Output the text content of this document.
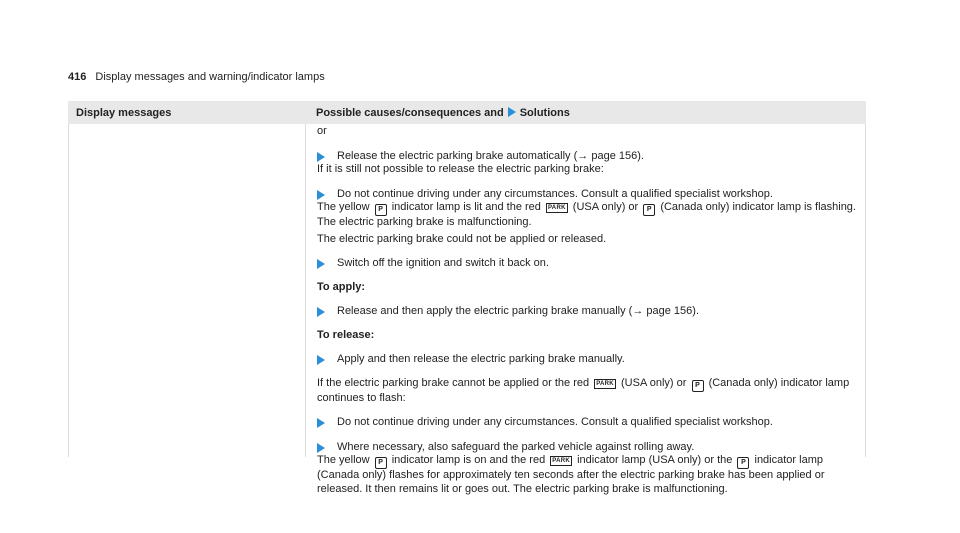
416 Display messages and warning/indicator lamps
Display messages	Possible causes/consequences and Solutions

or

Release the electric parking brake automatically (→ page 156).

If it is still not possible to release the electric parking brake:

Do not continue driving under any circumstances. Consult a qualified specialist workshop.

The yellow P indicator lamp is lit and the red PARK (USA only) or P (Canada only) indicator lamp is flashing.

The electric parking brake is malfunctioning.

The electric parking brake could not be applied or released.

Switch off the ignition and switch it back on.

To apply:

Release and then apply the electric parking brake manually (→ page 156).

To release:

Apply and then release the electric parking brake manually.

If the electric parking brake cannot be applied or the red PARK (USA only) or P (Canada only) indicator lamp
continues to flash:

Do not continue driving under any circumstances. Consult a qualified specialist workshop.

Where necessary, also safeguard the parked vehicle against rolling away.

The yellow P indicator lamp is on and the red PARK indicator lamp (USA only) or the P indicator lamp (Canada only) flashes for approximately ten seconds after the electric parking brake has been applied or released. It then remains lit or goes out. The electric parking brake is malfunctioning.
